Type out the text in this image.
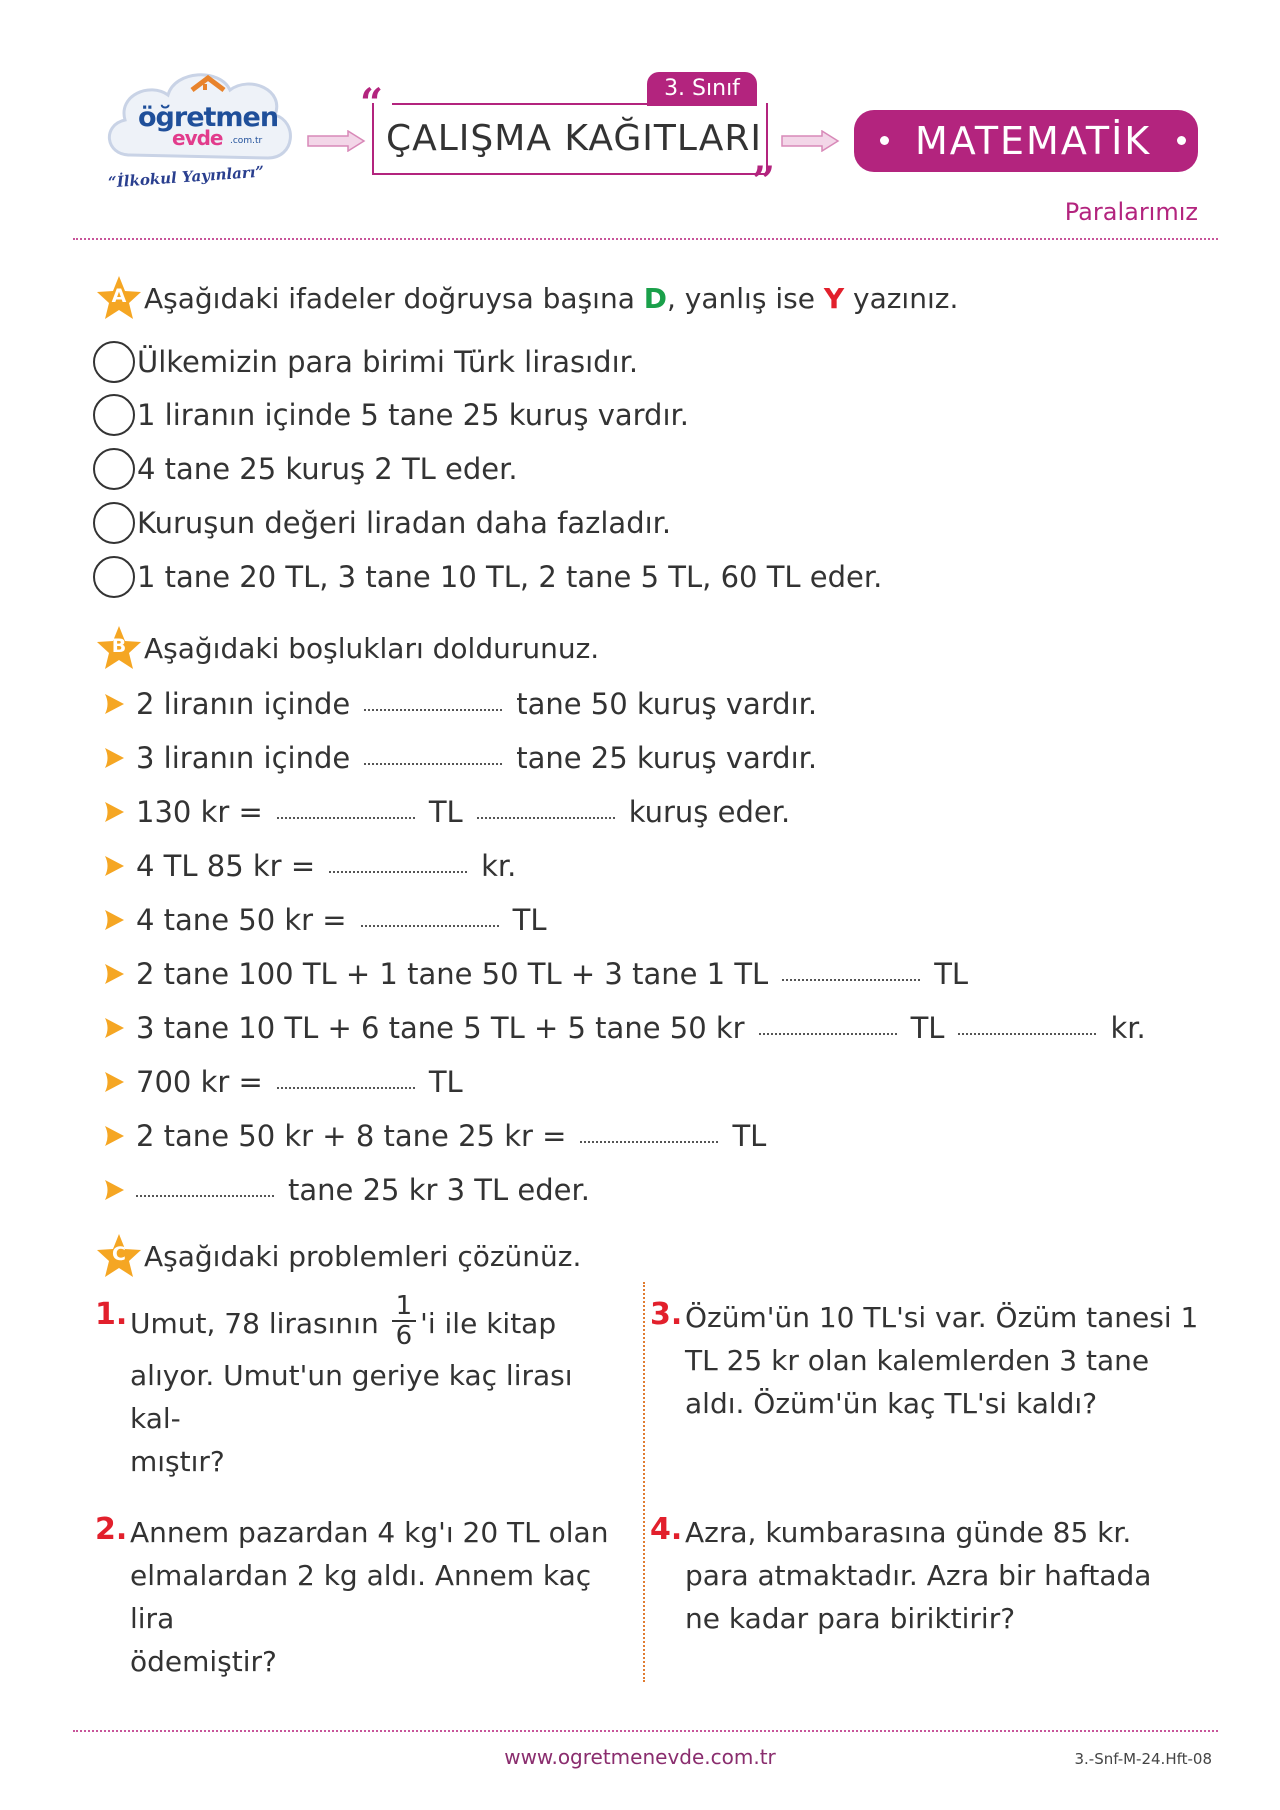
öğretmen
evde .com.tr
“İlkokul Yayınları”
“
”
3. Sınıf
ÇALIŞMA KAĞITLARI	MATEMATİK
Paralarımız
A Aşağıdaki ifadeler doğruysa başına D, yanlış ise Y yazınız.
Ülkemizin para birimi Türk lirasıdır.
1 liranın içinde 5 tane 25 kuruş vardır.
4 tane 25 kuruş 2 TL eder.
Kuruşun değeri liradan daha fazladır.
1 tane 20 TL, 3 tane 10 TL, 2 tane 5 TL, 60 TL eder.
B Aşağıdaki boşlukları doldurunuz.
2 liranın içinde	tane 50 kuruş vardır.
3 liranın içinde	tane 25 kuruş vardır.
130 kr =	TL	kuruş eder.
4 TL 85 kr =	kr.
4 tane 50 kr =	TL
2 tane 100 TL + 1 tane 50 TL + 3 tane 1 TL	TL
3 tane 10 TL + 6 tane 5 TL + 5 tane 50 kr	TL	kr.
700 kr =	TL
2 tane 50 kr + 8 tane 25 kr =	TL
tane 25 kr 3 TL eder.
C Aşağıdaki problemleri çözünüz.
1. Umut, 78 lirasının $\frac{1}{6}$ 'i ile kitap
alıyor. Umut'un geriye kaç lirası kal-
mıştır?
2. Annem pazardan 4 kg'ı 20 TL olan
elmalardan 2 kg aldı. Annem kaç lira
ödemiştir?
3. Özüm'ün 10 TL'si var. Özüm tanesi 1
TL 25 kr olan kalemlerden 3 tane
aldı. Özüm'ün kaç TL'si kaldı?
4. Azra, kumbarasına günde 85 kr.
para atmaktadır. Azra bir haftada
ne kadar para biriktirir?
www.ogretmenevde.com.tr	3.-Snf-M-24.Hft-08
